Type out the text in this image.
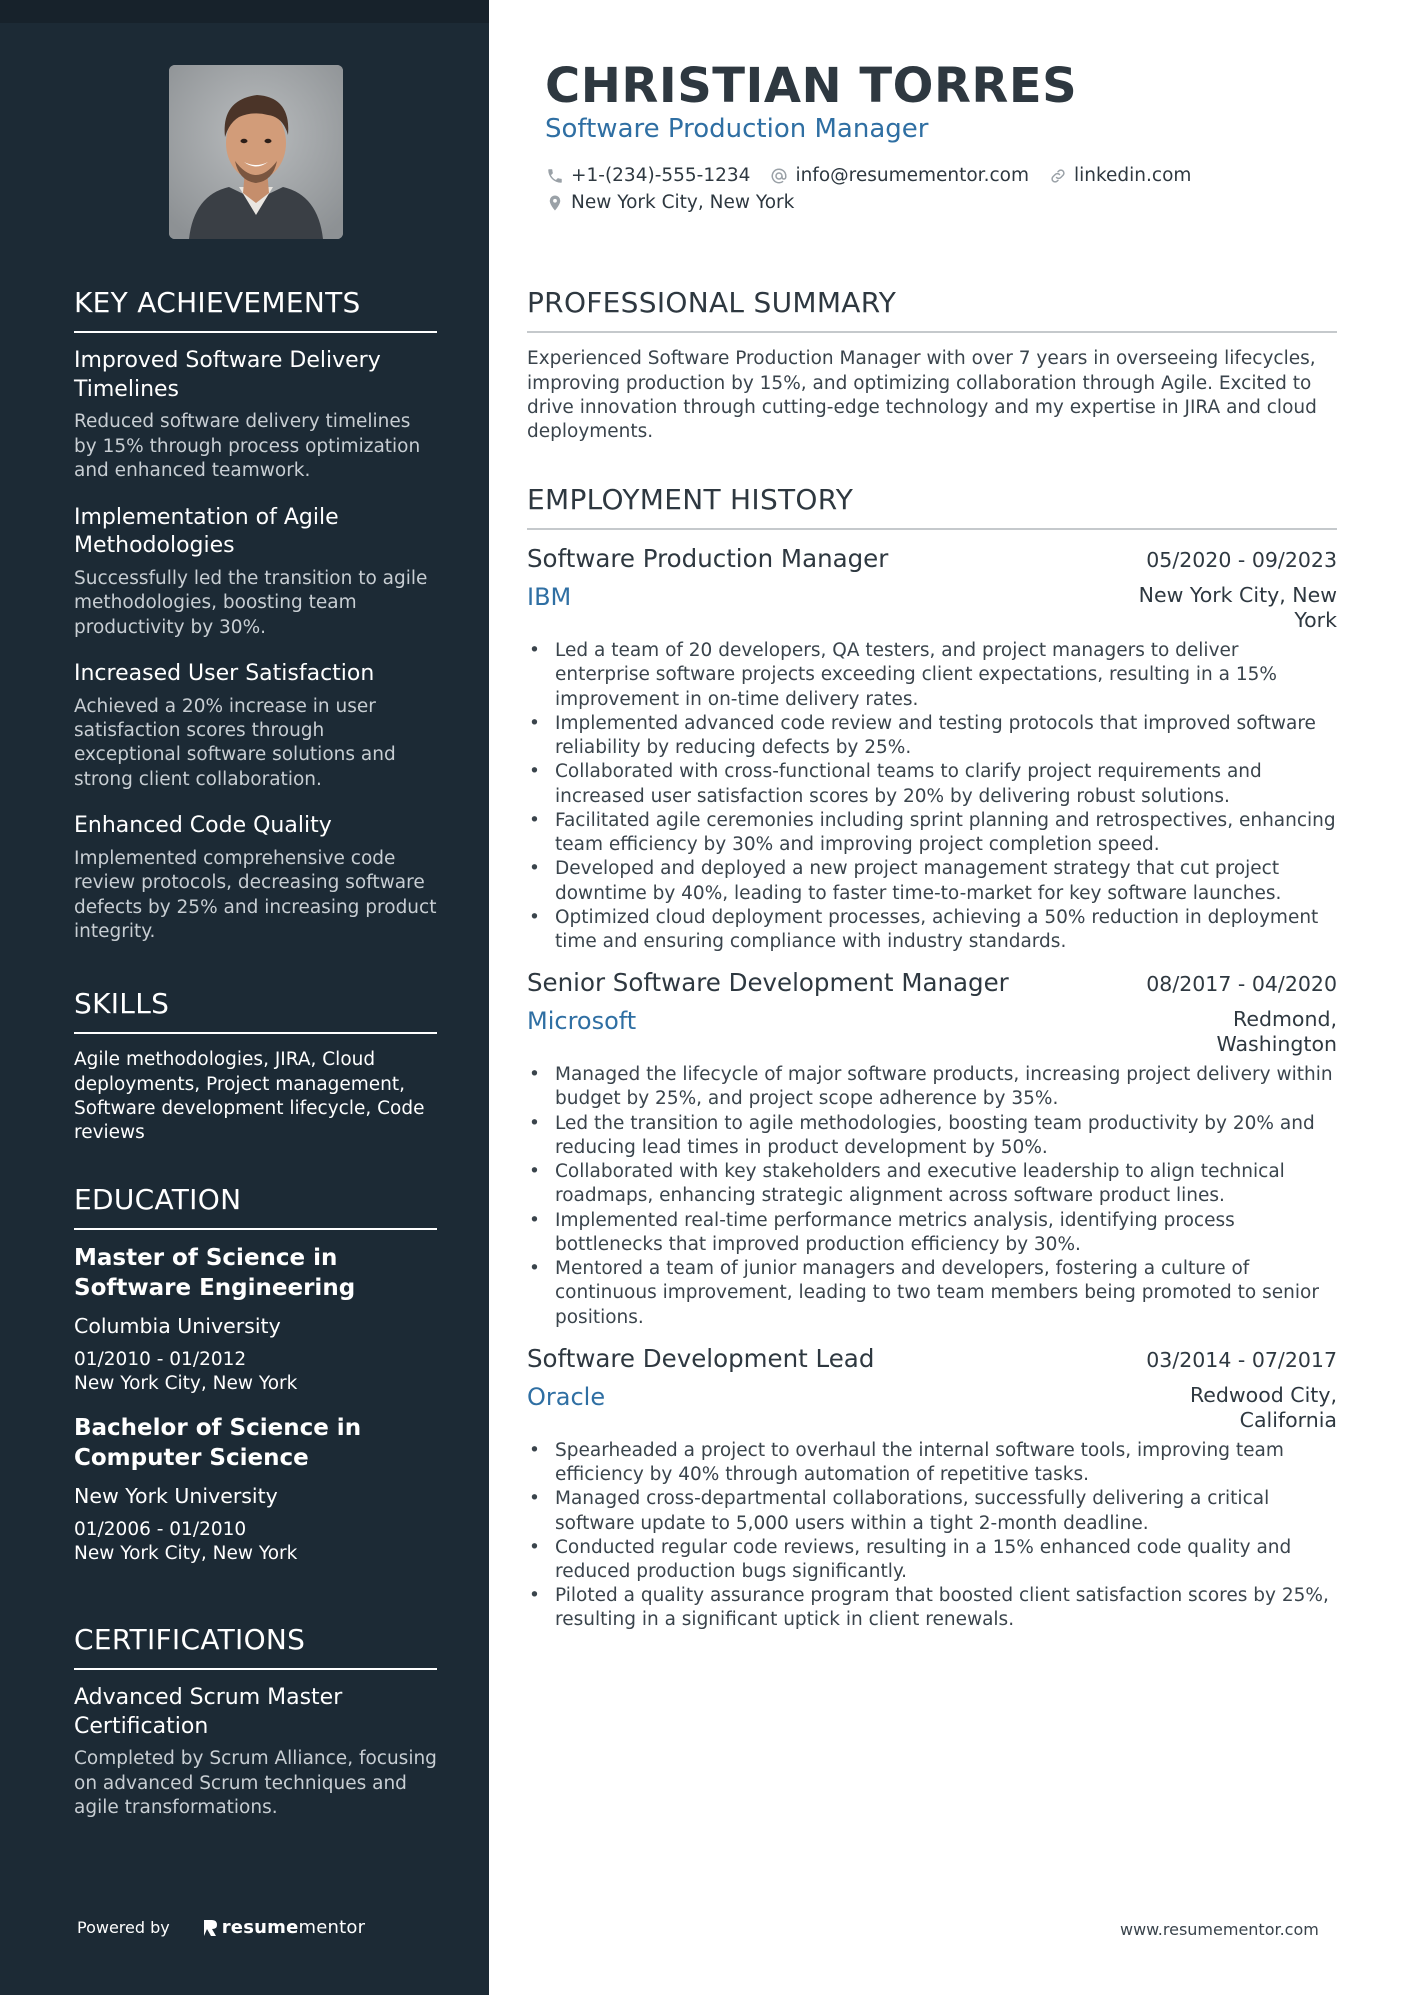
KEY ACHIEVEMENTS
Improved Software Delivery Timelines
Reduced software delivery timelines by 15% through process optimization and enhanced teamwork.
Implementation of Agile Methodologies
Successfully led the transition to agile methodologies, boosting team productivity by 30%.
Increased User Satisfaction
Achieved a 20% increase in user satisfaction scores through exceptional software solutions and strong client collaboration.
Enhanced Code Quality
Implemented comprehensive code review protocols, decreasing software defects by 25% and increasing product integrity.
SKILLS
Agile methodologies, JIRA, Cloud deployments, Project management, Software development lifecycle, Code reviews
EDUCATION
Master of Science in Software Engineering
Columbia University
01/2010 - 01/2012
New York City, New York
Bachelor of Science in Computer Science
New York University
01/2006 - 01/2010
New York City, New York
CERTIFICATIONS
Advanced Scrum Master Certification
Completed by Scrum Alliance, focusing on advanced Scrum techniques and agile transformations.
Powered by	resume mentor
CHRISTIAN TORRES
Software Production Manager
+1-(234)-555-1234 info@resumementor.com linkedin.com
New York City, New York
PROFESSIONAL SUMMARY
Experienced Software Production Manager with over 7 years in overseeing lifecycles, improving production by 15%, and optimizing collaboration through Agile. Excited to drive innovation through cutting-edge technology and my expertise in JIRA and cloud deployments.
EMPLOYMENT HISTORY
Software Production Manager	05/2020 - 09/2023
IBM	New York City, New York
• Led a team of 20 developers, QA testers, and project managers to deliver enterprise software projects exceeding client expectations, resulting in a 15% improvement in on-time delivery rates.
• Implemented advanced code review and testing protocols that improved software reliability by reducing defects by 25%.
• Collaborated with cross-functional teams to clarify project requirements and increased user satisfaction scores by 20% by delivering robust solutions.
• Facilitated agile ceremonies including sprint planning and retrospectives, enhancing team efficiency by 30% and improving project completion speed.
• Developed and deployed a new project management strategy that cut project downtime by 40%, leading to faster time-to-market for key software launches.
• Optimized cloud deployment processes, achieving a 50% reduction in deployment time and ensuring compliance with industry standards.
Senior Software Development Manager	08/2017 - 04/2020
Microsoft	Redmond, Washington
• Managed the lifecycle of major software products, increasing project delivery within budget by 25%, and project scope adherence by 35%.
• Led the transition to agile methodologies, boosting team productivity by 20% and reducing lead times in product development by 50%.
• Collaborated with key stakeholders and executive leadership to align technical roadmaps, enhancing strategic alignment across software product lines.
• Implemented real-time performance metrics analysis, identifying process bottlenecks that improved production efficiency by 30%.
• Mentored a team of junior managers and developers, fostering a culture of continuous improvement, leading to two team members being promoted to senior positions.
Software Development Lead	03/2014 - 07/2017
Oracle	Redwood City, California
• Spearheaded a project to overhaul the internal software tools, improving team efficiency by 40% through automation of repetitive tasks.
• Managed cross-departmental collaborations, successfully delivering a critical software update to 5,000 users within a tight 2-month deadline.
• Conducted regular code reviews, resulting in a 15% enhanced code quality and reduced production bugs significantly.
• Piloted a quality assurance program that boosted client satisfaction scores by 25%, resulting in a significant uptick in client renewals.
www.resumementor.com
